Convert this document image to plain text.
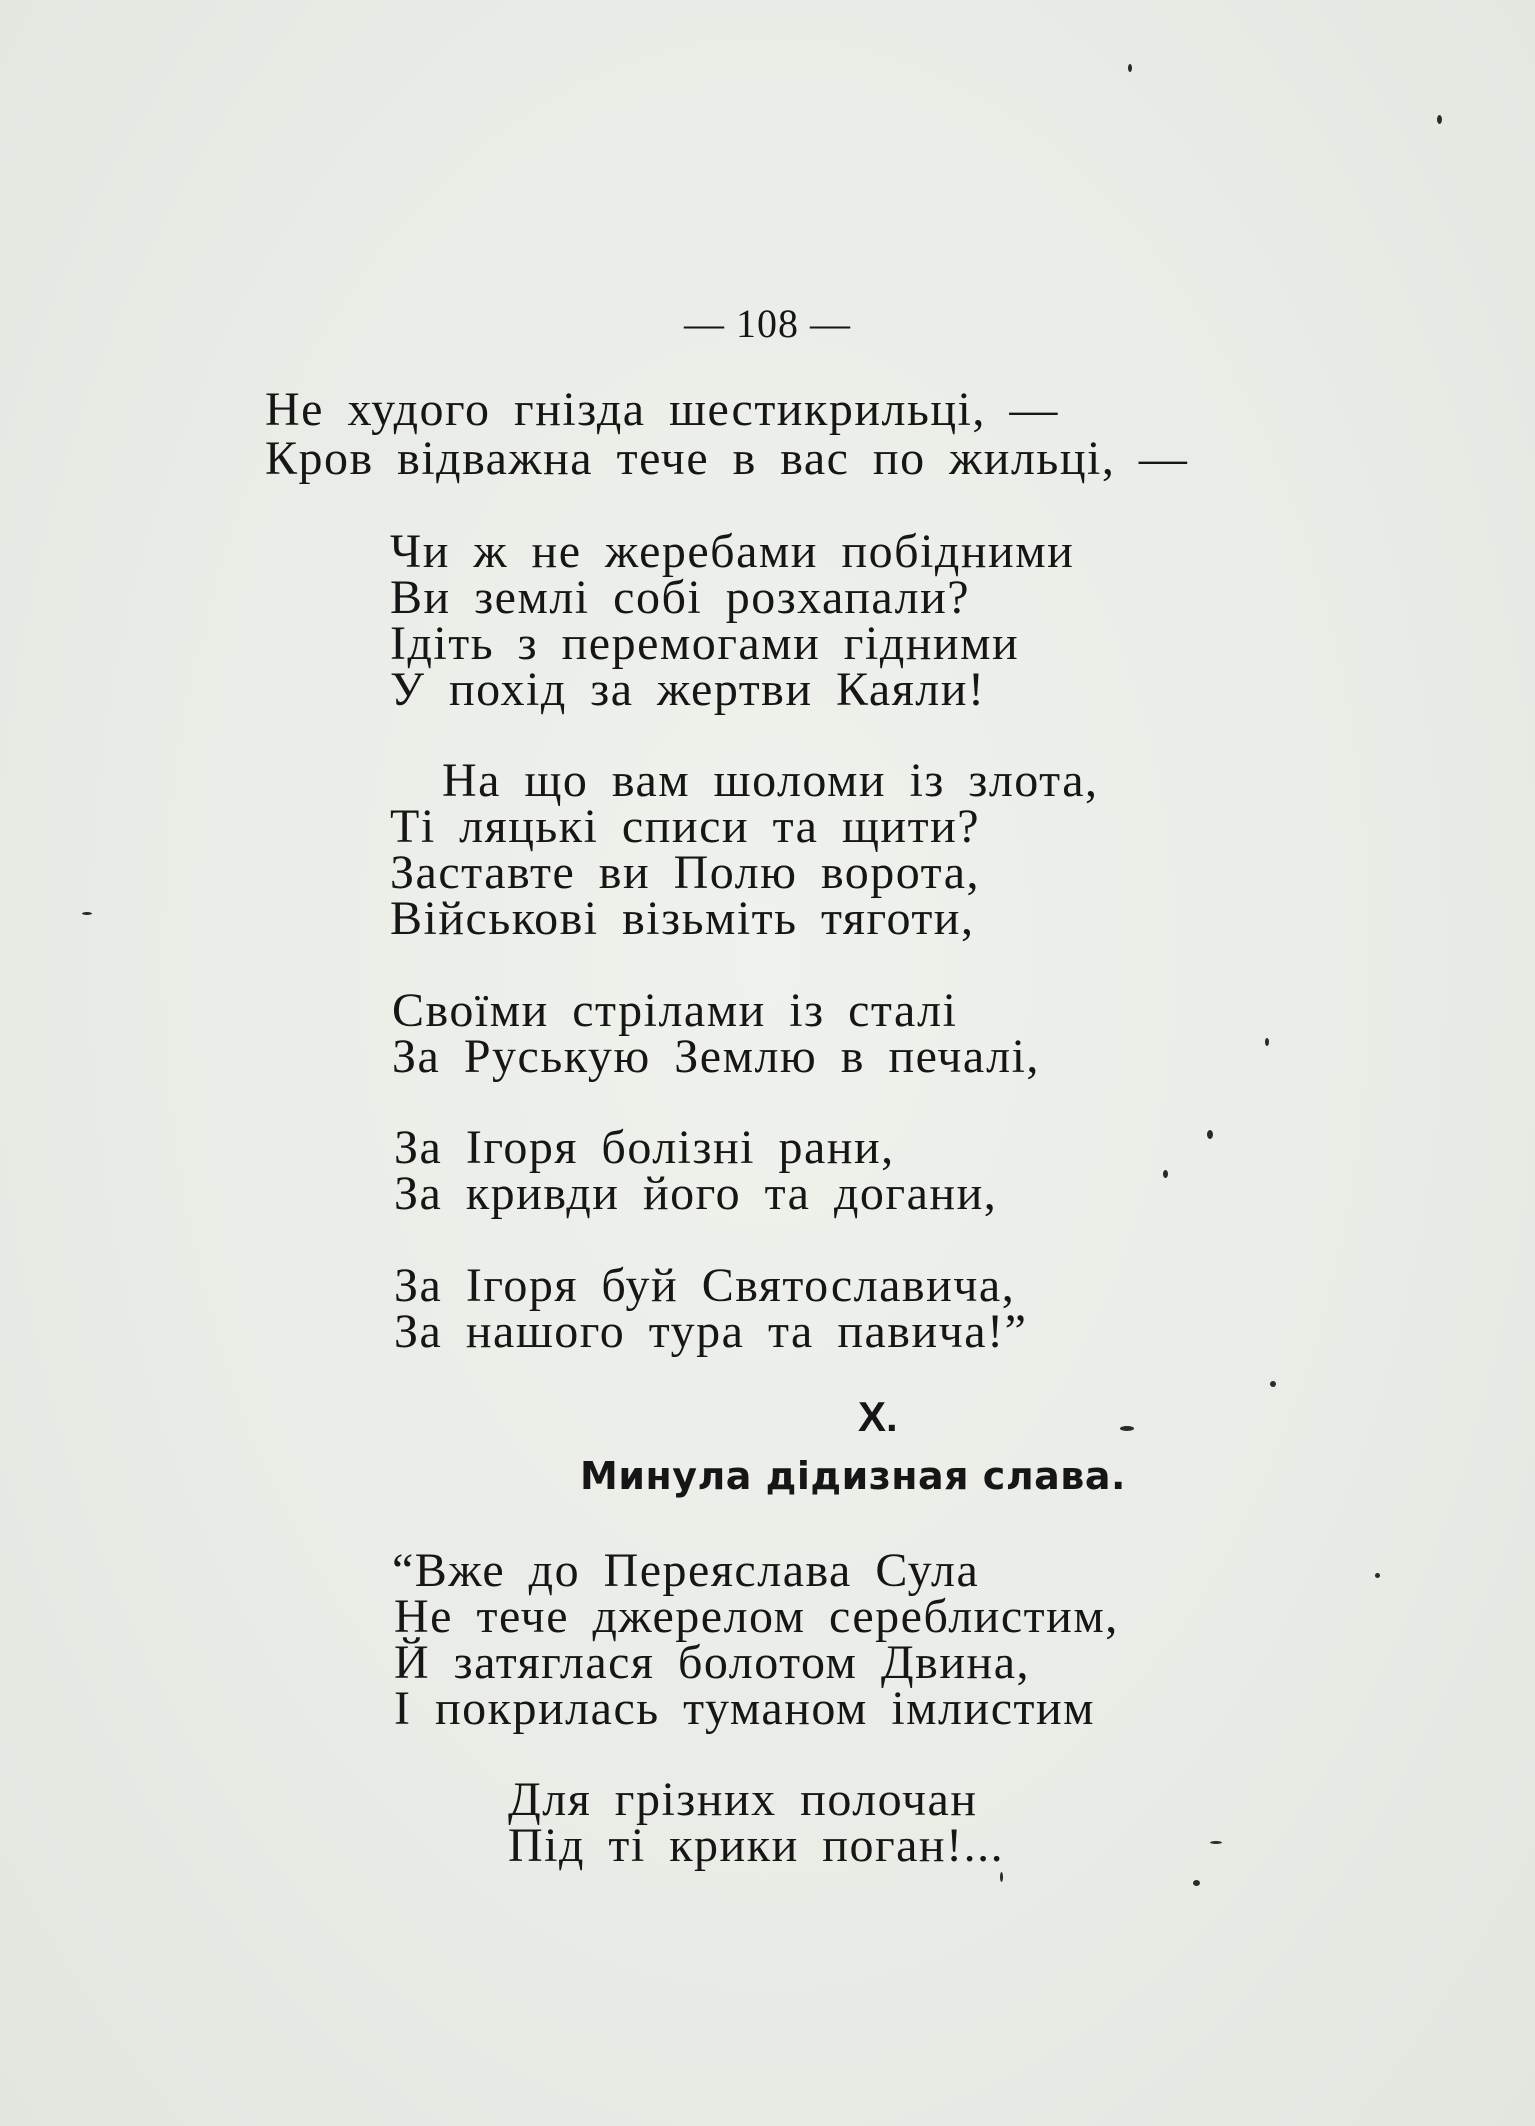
— 108 —
Не худого гнізда шестикрильці, —
Кров відважна тече в вас по жильці, —
Чи ж не жеребами побідними
Ви землі собі розхапали?
Ідіть з перемогами гідними
У похід за жертви Каяли!
На що вам шоломи із злота,
Ті ляцькі списи та щити?
Заставте ви Полю ворота,
Військові візьміть тяготи,
Своїми стрілами із сталі
За Руськую Землю в печалі,
За Ігоря болізні рани,
За кривди його та догани,
За Ігоря буй Святославича,
За нашого тура та павича!”
X.
Минула дідизная слава.
“Вже до Переяслава Сула
Не тече джерелом сереблистим,
Й затяглася болотом Двина,
І покрилась туманом імлистим
Для грізних полочан
Під ті крики поган!...
